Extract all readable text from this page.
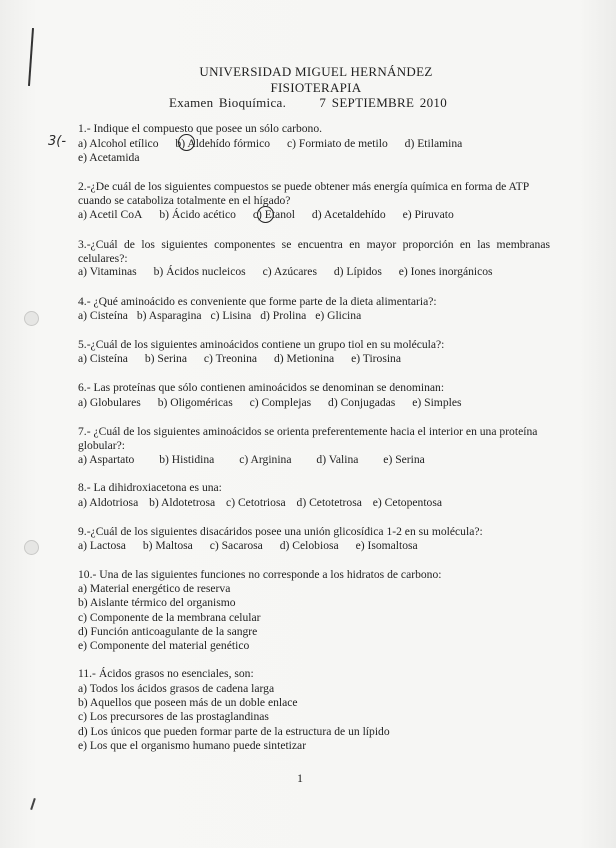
UNIVERSIDAD MIGUEL HERNÁNDEZ
FISIOTERAPIA
Examen Bioquímica.      7 SEPTIEMBRE 2010
1.- Indique el compuesto que posee un sólo carbono.
3(- a) Alcohol etílico b) Aldehído fórmico c) Formiato de metilo d) Etilamina
e) Acetamida
2.-¿De cuál de los siguientes compuestos se puede obtener más energía química en forma de ATP cuando se cataboliza totalmente en el hígado?
a) Acetil CoA b) Ácido acético c) Etanol d) Acetaldehído e) Piruvato
3.-¿Cuál de los siguientes componentes se encuentra en mayor proporción en las membranas celulares?:
a) Vitaminas b) Ácidos nucleicos c) Azúcares d) Lípidos e) Iones inorgánicos
4.- ¿Qué aminoácido es conveniente que forme parte de la dieta alimentaria?:
a) Cisteína b) Asparagina c) Lisina d) Prolina e) Glicina
5.-¿Cuál de los siguientes aminoácidos contiene un grupo tiol en su molécula?:
a) Cisteína b) Serina c) Treonina d) Metionina e) Tirosina
6.- Las proteínas que sólo contienen aminoácidos se denominan se denominan:
a) Globulares b) Oligoméricas c) Complejas d) Conjugadas e) Simples
7.- ¿Cuál de los siguientes aminoácidos se orienta preferentemente hacia el interior en una proteína globular?:
a) Aspartato b) Histidina c) Arginina d) Valina e) Serina
8.- La dihidroxiacetona es una:
a) Aldotriosa b) Aldotetrosa c) Cetotriosa d) Cetotetrosa e) Cetopentosa
9.-¿Cuál de los siguientes disacáridos posee una unión glicosídica 1-2 en su molécula?:
a) Lactosa b) Maltosa c) Sacarosa d) Celobiosa e) Isomaltosa
10.- Una de las siguientes funciones no corresponde a los hidratos de carbono:
a) Material energético de reserva
b) Aislante térmico del organismo
c) Componente de la membrana celular
d) Función anticoagulante de la sangre
e) Componente del material genético
11.- Ácidos grasos no esenciales, son:
a) Todos los ácidos grasos de cadena larga
b) Aquellos que poseen más de un doble enlace
c) Los precursores de las prostaglandinas
d) Los únicos que pueden formar parte de la estructura de un lípido
e) Los que el organismo humano puede sintetizar
1
